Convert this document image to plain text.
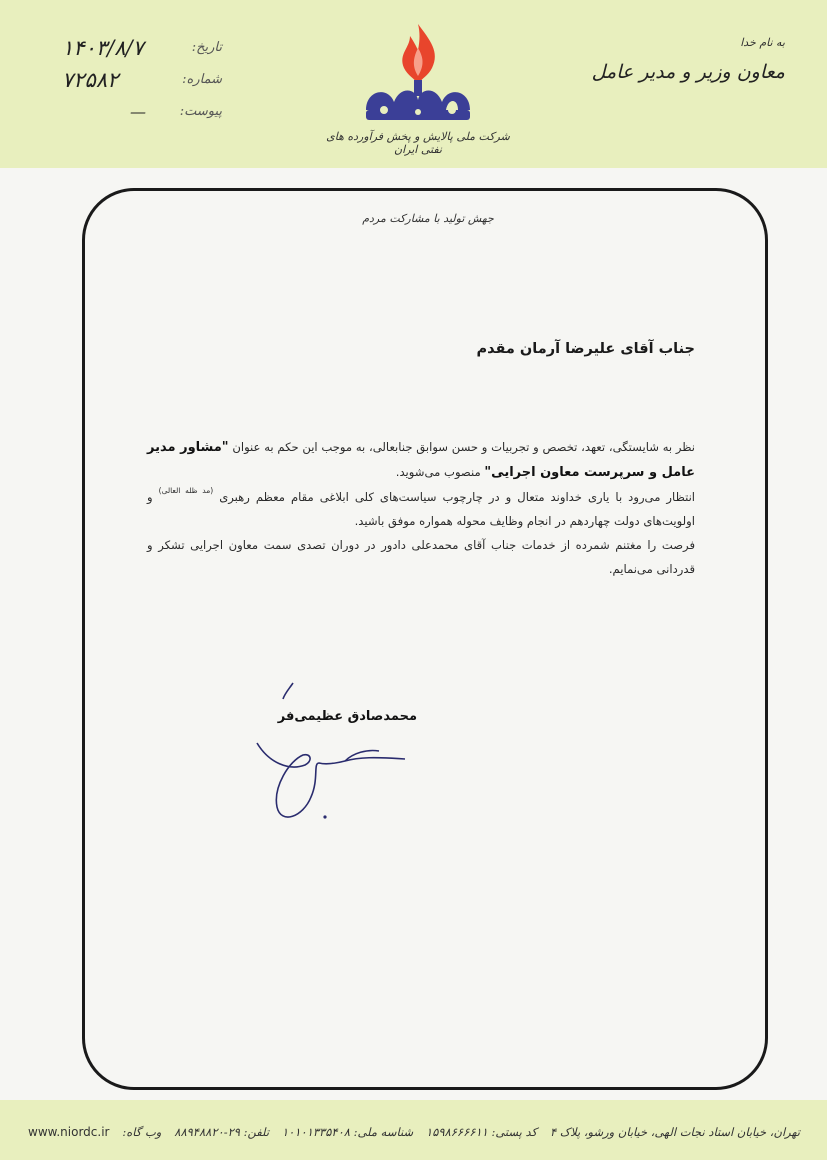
به نام خدا
معاون وزیر و مدیر عامل
شرکت ملی پالایش و پخش فرآورده های نفتی ایران
تاریخ:
۱۴۰۳/۸/۷
شماره:
۷۲۵۸۲
پیوست:
—
جهش تولید با مشارکت مردم
جناب آقای علیرضا آرمان مقدم

نظر به شایستگی، تعهد، تخصص و تجربیات و حسن سوابق جنابعالی، به موجب این حکم به عنوان "مشاور مدیر عامل و سرپرست معاون اجرایی" منصوب می‌شوید.

انتظار می‌رود با یاری خداوند متعال و در چارچوب سیاست‌های کلی ابلاغی مقام معظم رهبری $^{(مد ظله العالی)}$ و اولویت‌های دولت چهاردهم در انجام وظایف محوله همواره موفق باشید.

فرصت را مغتنم شمرده از خدمات جناب آقای محمدعلی دادور در دوران تصدی سمت معاون اجرایی تشکر و قدردانی می‌نمایم.

محمدصادق عظیمی‌فر
تهران، خیابان استاد نجات الهی، خیابان ورشو، پلاک ۴
کد پستی: ۱۵۹۸۶۶۶۶۱۱
شناسه ملی: ۱۰۱۰۱۳۳۵۴۰۸
تلفن: ۲۹-۸۸۹۴۸۸۲۰
وب گاه:
www.niordc.ir
